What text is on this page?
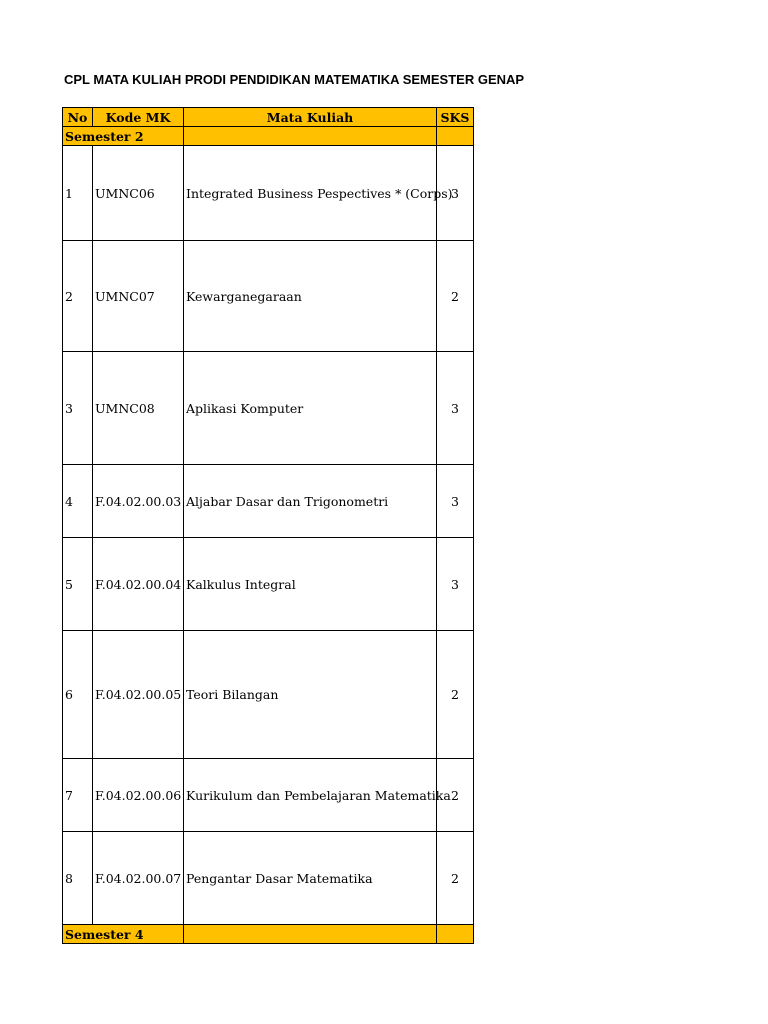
CPL MATA KULIAH PRODI PENDIDIKAN MATEMATIKA SEMESTER GENAP
No	Kode MK	Mata Kuliah	SKS
Semester 2			
1	UMNC06	Integrated Business Pespectives * (Corps)	3
2	UMNC07	Kewarganegaraan	2
3	UMNC08	Aplikasi Komputer	3
4	F.04.02.00.03	Aljabar Dasar dan Trigonometri	3
5	F.04.02.00.04	Kalkulus Integral	3
6	F.04.02.00.05	Teori Bilangan	2
7	F.04.02.00.06	Kurikulum dan Pembelajaran Matematika	2
8	F.04.02.00.07	Pengantar Dasar Matematika	2
Semester 4			
